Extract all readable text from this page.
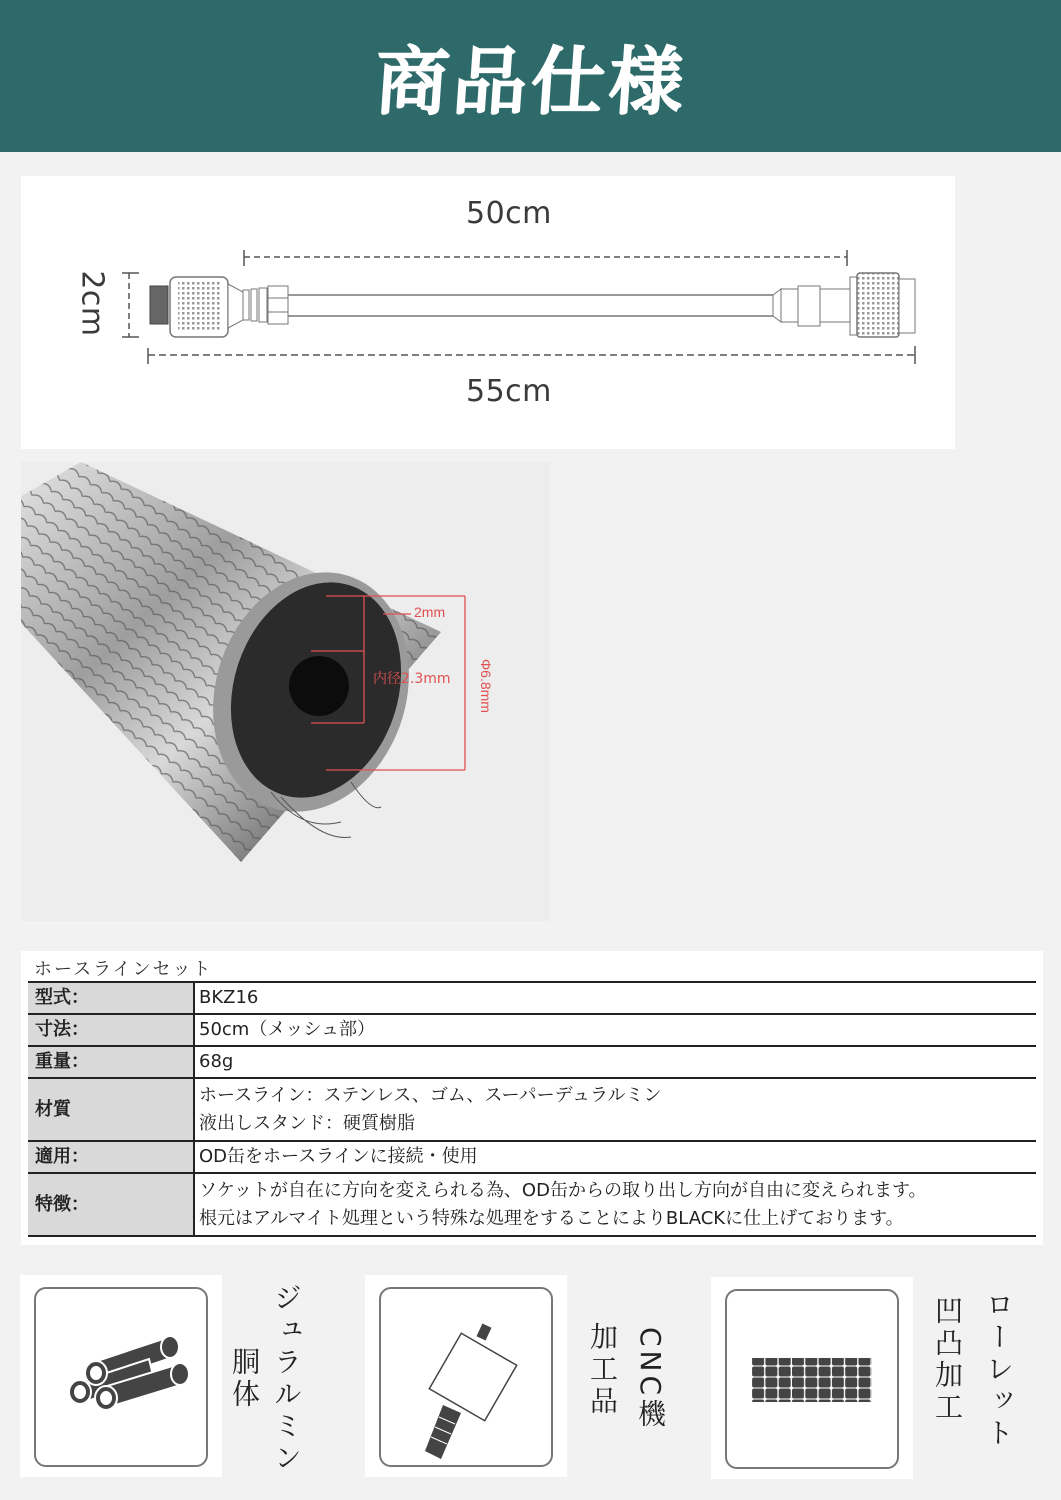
商品仕様
50cm
55cm
2cm
2mm
内径2.3mm Φ6.8mm
ホースラインセット
型式：	BKZ16

寸法：	50cm（メッシュ部）

重量：	68g

材質	ホースライン：ステンレス、ゴム、スーパーデュラルミン
液出しスタンド：硬質樹脂

適用：	OD缶をホースラインに接続・使用

特徴：	ソケットが自在に方向を変えられる為、OD缶からの取り出し方向が自由に変えられます。
根元はアルマイト処理という特殊な処理をすることによりBLACKに仕上げております。
ジュラルミン
胴体	CNC機
加工品	ローレット
凹凸加工
